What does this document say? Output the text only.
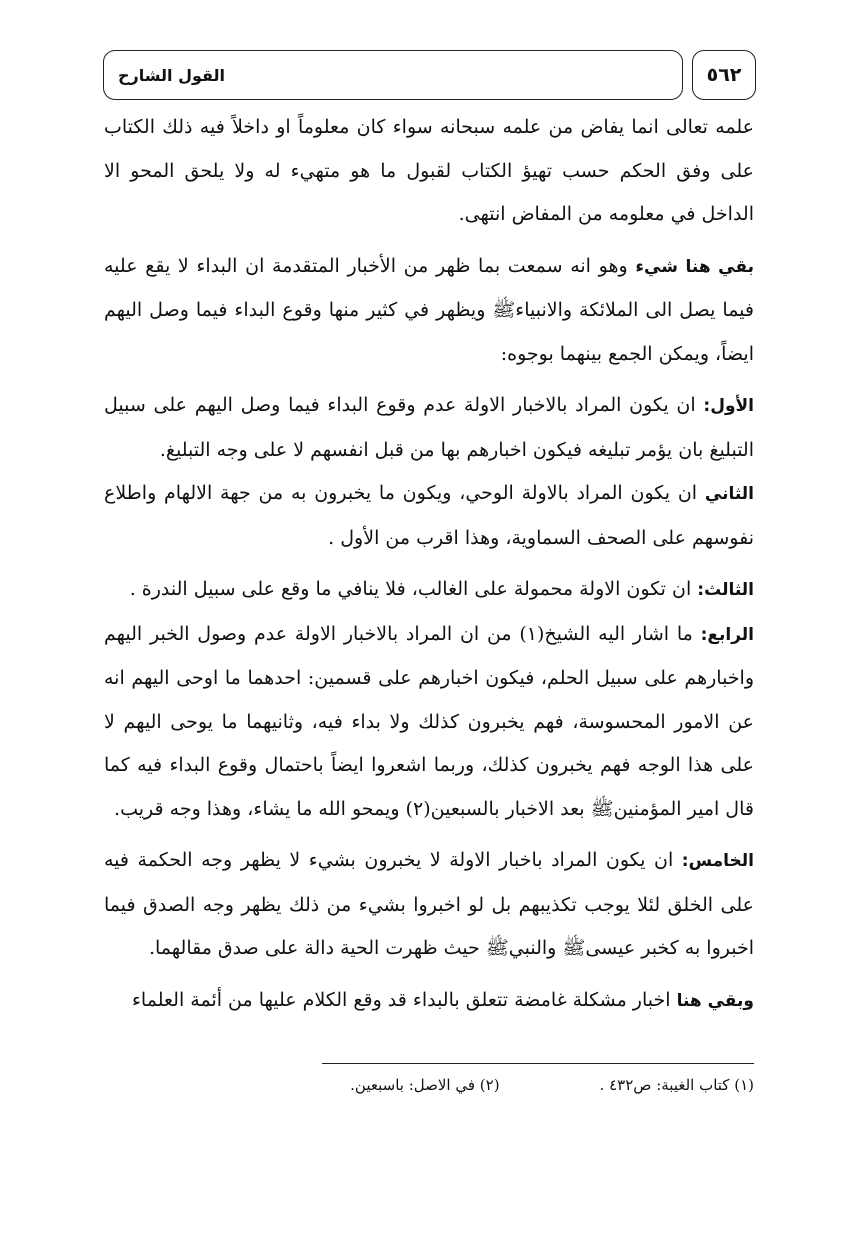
القول الشارح	٥٦٢

علمه تعالى انما يفاض من علمه سبحانه سواء كان معلوماً او داخلاً فيه ذلك الكتاب على وفق الحكم حسب تهيؤ الكتاب لقبول ما هو متهيء له ولا يلحق المحو الا الداخل في معلومه من المفاض انتهى.

بقي هنا شيء وهو انه سمعت بما ظهر من الأخبار المتقدمة ان البداء لا يقع عليه فيما يصل الى الملائكة والانبياءﷺ ويظهر في كثير منها وقوع البداء فيما وصل اليهم ايضاً، ويمكن الجمع بينهما بوجوه:

الأول: ان يكون المراد بالاخبار الاولة عدم وقوع البداء فيما وصل اليهم على سبيل التبليغ بان يؤمر تبليغه فيكون اخبارهم بها من قبل انفسهم لا على وجه التبليغ.

الثاني ان يكون المراد بالاولة الوحي، ويكون ما يخبرون به من جهة الالهام واطلاع نفوسهم على الصحف السماوية، وهذا اقرب من الأول .

الثالث: ان تكون الاولة محمولة على الغالب، فلا ينافي ما وقع على سبيل الندرة .

الرابع: ما اشار اليه الشيخ‏‏(١) من ان المراد بالاخبار الاولة عدم وصول الخبر اليهم واخبارهم على سبيل الحلم، فيكون اخبارهم على قسمين: احدهما ما اوحى اليهم انه عن الامور المحسوسة، فهم يخبرون كذلك ولا بداء فيه، وثانيهما ما يوحى اليهم لا على هذا الوجه فهم يخبرون كذلك، وربما اشعروا ايضاً باحتمال وقوع البداء فيه كما قال امير المؤمنينﷺ بعد الاخبار بالسبعين(٢) ويمحو الله ما يشاء، وهذا وجه قريب.

الخامس: ان يكون المراد باخبار الاولة لا يخبرون بشيء لا يظهر وجه الحكمة فيه على الخلق لئلا يوجب تكذيبهم بل لو اخبروا بشيء من ذلك يظهر وجه الصدق فيما اخبروا به كخبر عيسىﷺ والنبيﷺ حيث ظهرت الحية دالة على صدق مقالهما.

وبقي هنا اخبار مشكلة غامضة تتعلق بالبداء قد وقع الكلام عليها من أئمة العلماء

(١) كتاب الغيبة: ص٤٣٢ .
(٢) في الاصل: باسبعين.
